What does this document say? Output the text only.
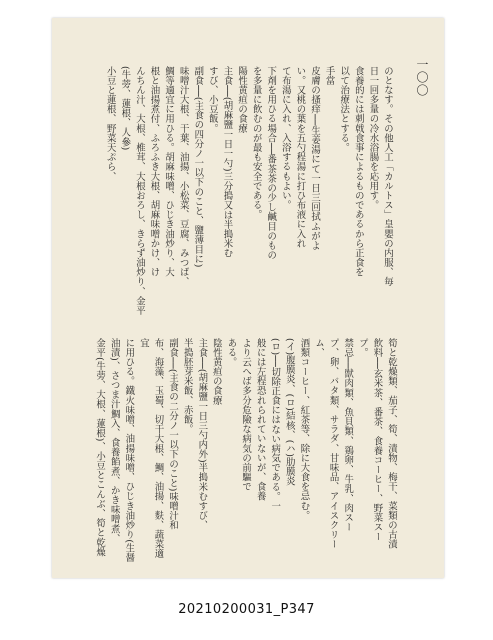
一〇〇
のとなす。その他人工「カルトス」皇嬰の内服、毎
日一回多量の冷水浴腸を応用す。
食養的には刺戟食事によるものであるから正食を
以て治療法とする。
手當
皮膚の搔痒──生姜湯にて一日三回拭ふがよ
い。又桃の葉を五勺程湯に打ひ布液に入れ
て布湯に入れ、入浴するもよい。
下剤を用ひる場合──番茶茶の少し鹹目のもの
を多量に飲むのが最も安全である。
陽性黄疸の食療
主食──(胡麻鹽一日一勺)三分搗又は半搗米む
すび、小豆飯。
副食──(主食の四分ノ一以下のこと、鹽薄目に)
味噌汁大根、干葉、油揚、小松菜、豆腐、みつば、
鯛等適宜に用ひる。胡麻味噌、ひじき油炒り、大
根と油揚煮付、ふろふき大根、胡麻味噌かけ、け
んちん汁、大根、椎茸、大根おろし、きらず油炒り、金平(牛蒡、蓮根、人參)
小豆と蓮根、野菜天ぷら、
筍と乾燥類、茄子、筍、漬物、梅干、菜類の古漬
飲料──玄米茶、番茶、食養コーヒー、野菜スー
プ。
禁忌──獣肉類、魚貝類、鶏卵、牛乳、肉スー
プ、卵、バタ類、サラダ、甘味品、アイスクリーム、
酒類コーヒー、紅茶等、除に大食を忌む。
(イ)腹膜炎、(ロ)結核、(ハ)肋膜炎
(ロ)──切除正食にはない病気である。一
般には左程恐れられていないが、食養
より云へば多分危險な病気の前驅で
ある。
陰性黄疸の食療
主食──(胡麻鹽一日三勺内外)半搗米むすび、
半搗胚芽米飯、赤飯。
副食──(主食の二分ノ一以下のこと)味噌汁和
布、海藻、玉蜀、切干大根、鯛、油揚、麩、蔬菜適宜
に用ひる。鐵火味噌、油揚味噌、ひじき油炒り(生醤
油漬)、さつま汁鯛入、食養餡煮、かき味噌煮、
金平(牛蒡、大根、蓮根)、小豆とこんぶ、筍と乾燥
20210200031_P347
